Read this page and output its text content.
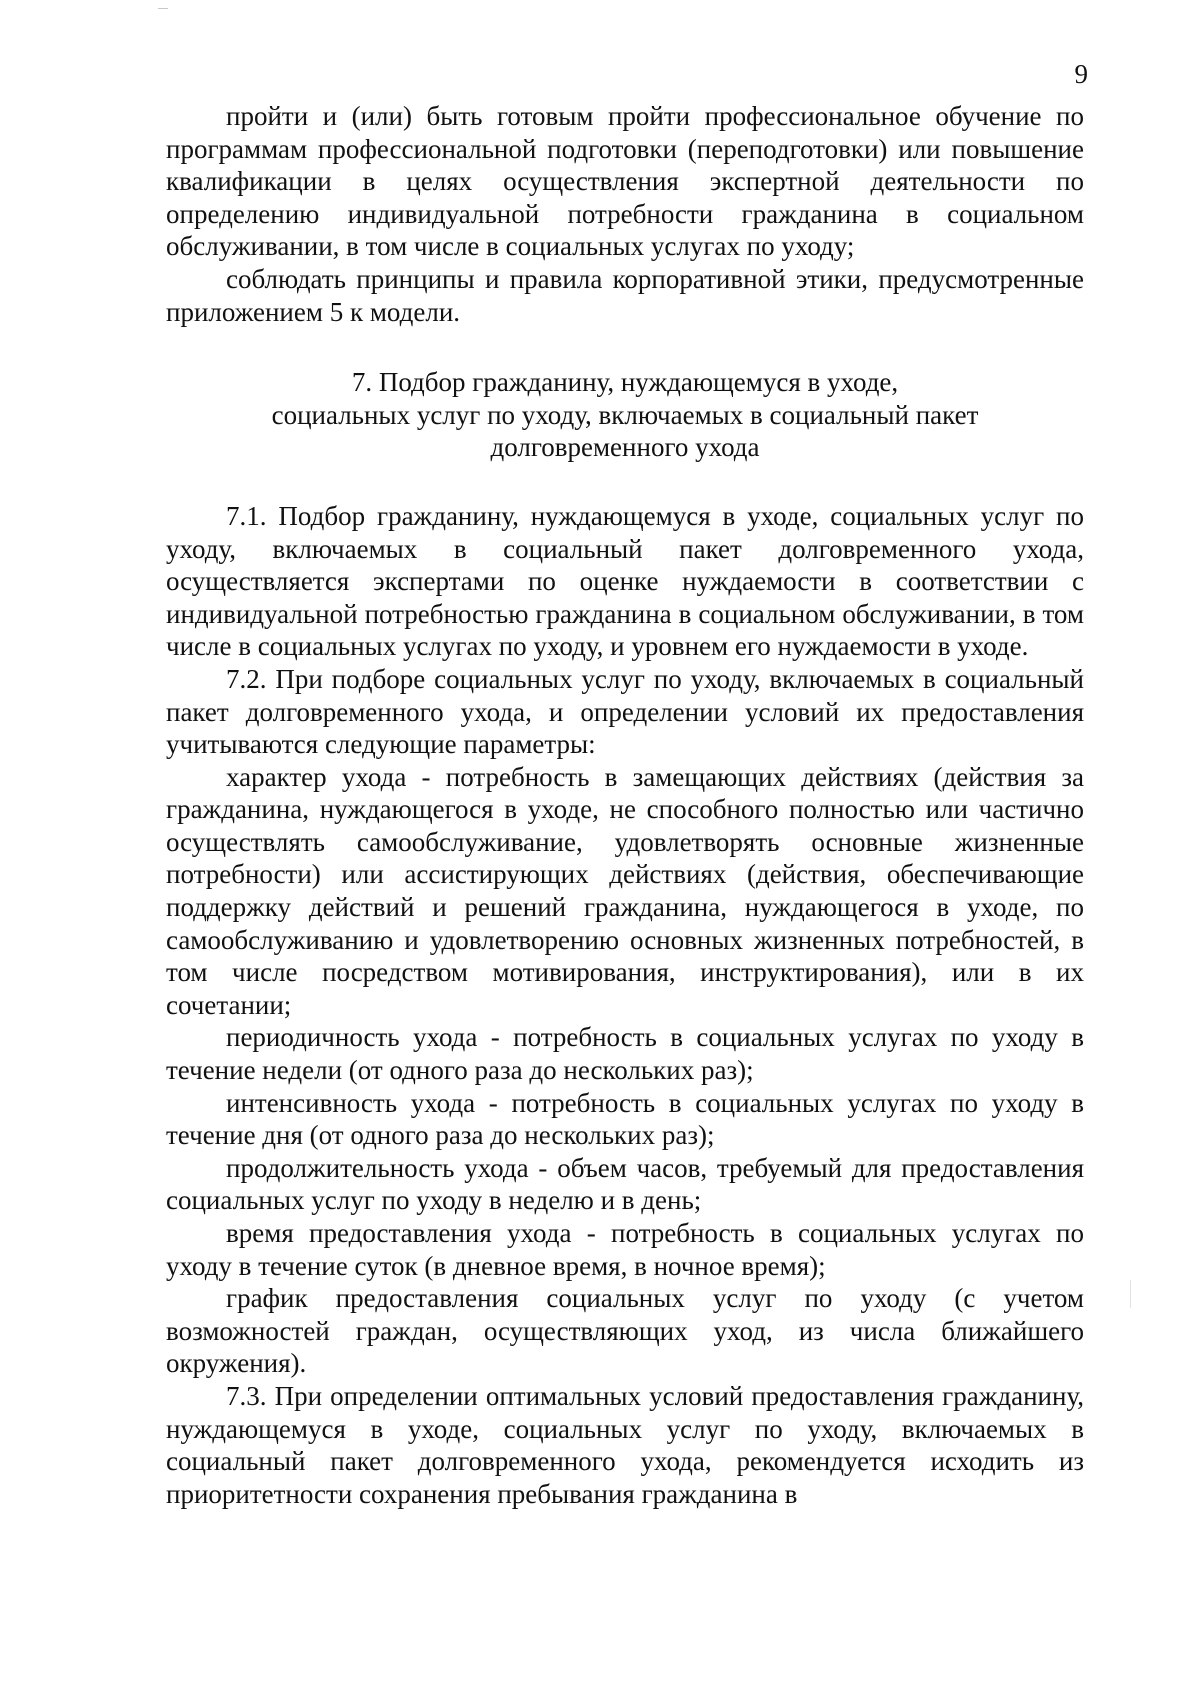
9

пройти и (или) быть готовым пройти профессиональное обучение по программам профессиональной подготовки (переподготовки) или повышение квалификации в целях осуществления экспертной деятельности по определению индивидуальной потребности гражданина в социальном обслуживании, в том числе в социальных услугах по уходу;

соблюдать принципы и правила корпоративной этики, предусмотренные приложением 5 к модели.

7. Подбор гражданину, нуждающемуся в уходе,
социальных услуг по уходу, включаемых в социальный пакет
долговременного ухода

7.1. Подбор гражданину, нуждающемуся в уходе, социальных услуг по уходу, включаемых в социальный пакет долговременного ухода, осуществляется экспертами по оценке нуждаемости в соответствии с индивидуальной потребностью гражданина в социальном обслуживании, в том числе в социальных услугах по уходу, и уровнем его нуждаемости в уходе.

7.2. При подборе социальных услуг по уходу, включаемых в социальный пакет долговременного ухода, и определении условий их предоставления учитываются следующие параметры:

характер ухода - потребность в замещающих действиях (действия за гражданина, нуждающегося в уходе, не способного полностью или частично осуществлять самообслуживание, удовлетворять основные жизненные потребности) или ассистирующих действиях (действия, обеспечивающие поддержку действий и решений гражданина, нуждающегося в уходе, по самообслуживанию и удовлетворению основных жизненных потребностей, в том числе посредством мотивирования, инструктирования), или в их сочетании;

периодичность ухода - потребность в социальных услугах по уходу в течение недели (от одного раза до нескольких раз);

интенсивность ухода - потребность в социальных услугах по уходу в течение дня (от одного раза до нескольких раз);

продолжительность ухода - объем часов, требуемый для предоставления социальных услуг по уходу в неделю и в день;

время предоставления ухода - потребность в социальных услугах по уходу в течение суток (в дневное время, в ночное время);

график предоставления социальных услуг по уходу (с учетом возможностей граждан, осуществляющих уход, из числа ближайшего окружения).

7.3. При определении оптимальных условий предоставления гражданину, нуждающемуся в уходе, социальных услуг по уходу, включаемых в социальный пакет долговременного ухода, рекомендуется исходить из приоритетности сохранения пребывания гражданина в
